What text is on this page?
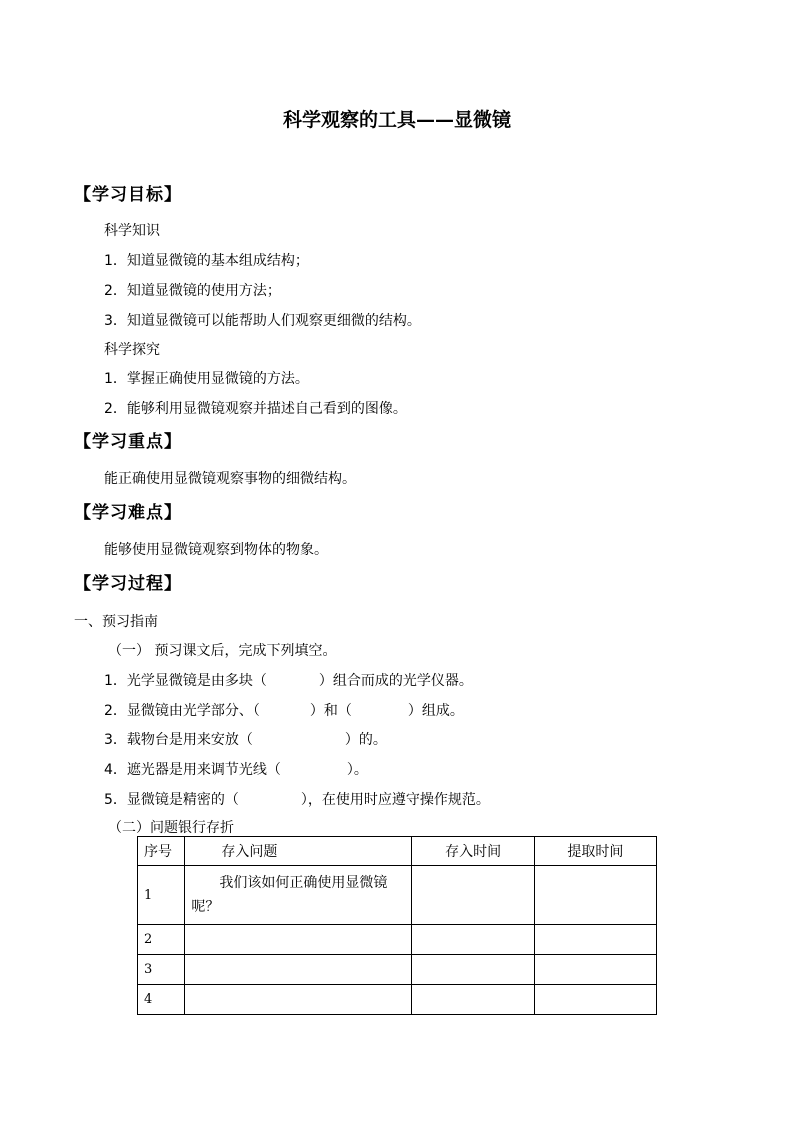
科学观察的工具——显微镜
【学习目标】
科学知识
1．知道显微镜的基本组成结构；
2．知道显微镜的使用方法；
3．知道显微镜可以能帮助人们观察更细微的结构。
科学探究
1．掌握正确使用显微镜的方法。
2．能够利用显微镜观察并描述自己看到的图像。
【学习重点】
能正确使用显微镜观察事物的细微结构。
【学习难点】
能够使用显微镜观察到物体的物象。
【学习过程】
一、预习指南
（一） 预习课文后，完成下列填空。
1．光学显微镜是由多块（	）组合而成的光学仪器。
2．显微镜由光学部分、（	）和（	）组成。
3．载物台是用来安放（	）的。
4．遮光器是用来调节光线（	）。
5．显微镜是精密的（	），在使用时应遵守操作规范。
（二）问题银行存折
序号	存入问题	存入时间	提取时间
1	我们该如何正确使用显微镜呢？		
2			
3			
4			
